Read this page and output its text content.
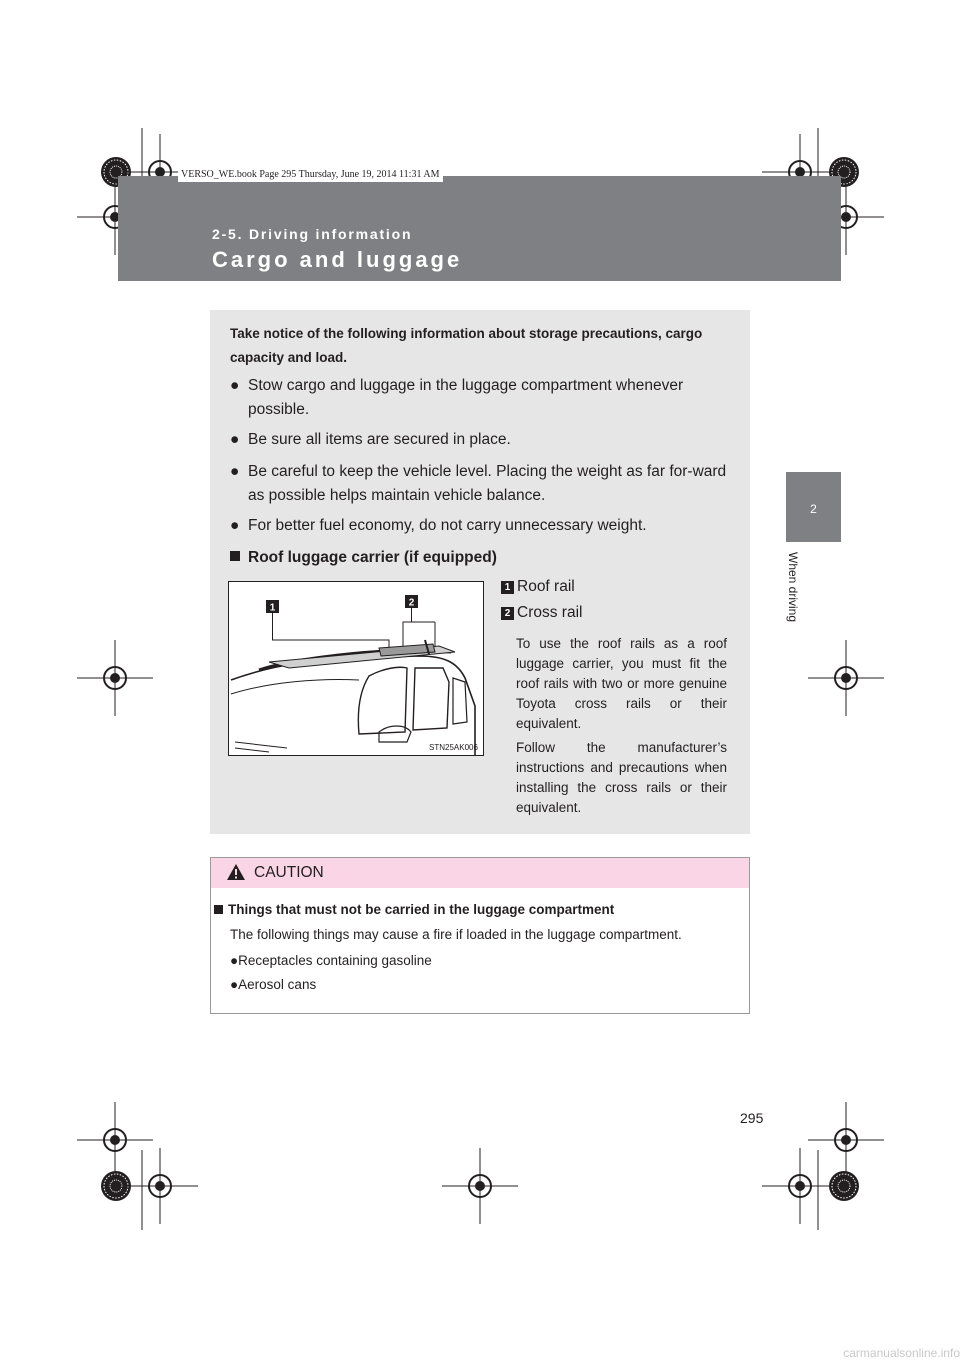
VERSO_WE.book Page 295 Thursday, June 19, 2014 11:31 AM
2-5. Driving information
Cargo and luggage
2
When driving
Take notice of the following information about storage precautions, cargo capacity and load.
● Stow cargo and luggage in the luggage compartment whenever possible.
● Be sure all items are secured in place.
● Be careful to keep the vehicle level. Placing the weight as far for-ward as possible helps maintain vehicle balance.
● For better fuel economy, do not carry unnecessary weight.
Roof luggage carrier (if equipped)
1	2
STN25AK006
1 Roof rail
2 Cross rail
To use the roof rails as a roof luggage carrier, you must fit the roof rails with two or more genuine Toyota cross rails or their equivalent.
Follow the manufacturer’s instructions and precautions when installing the cross rails or their equivalent.
CAUTION
Things that must not be carried in the luggage compartment
The following things may cause a fire if loaded in the luggage compartment.
●Receptacles containing gasoline
●Aerosol cans
295
carmanualsonline.info
